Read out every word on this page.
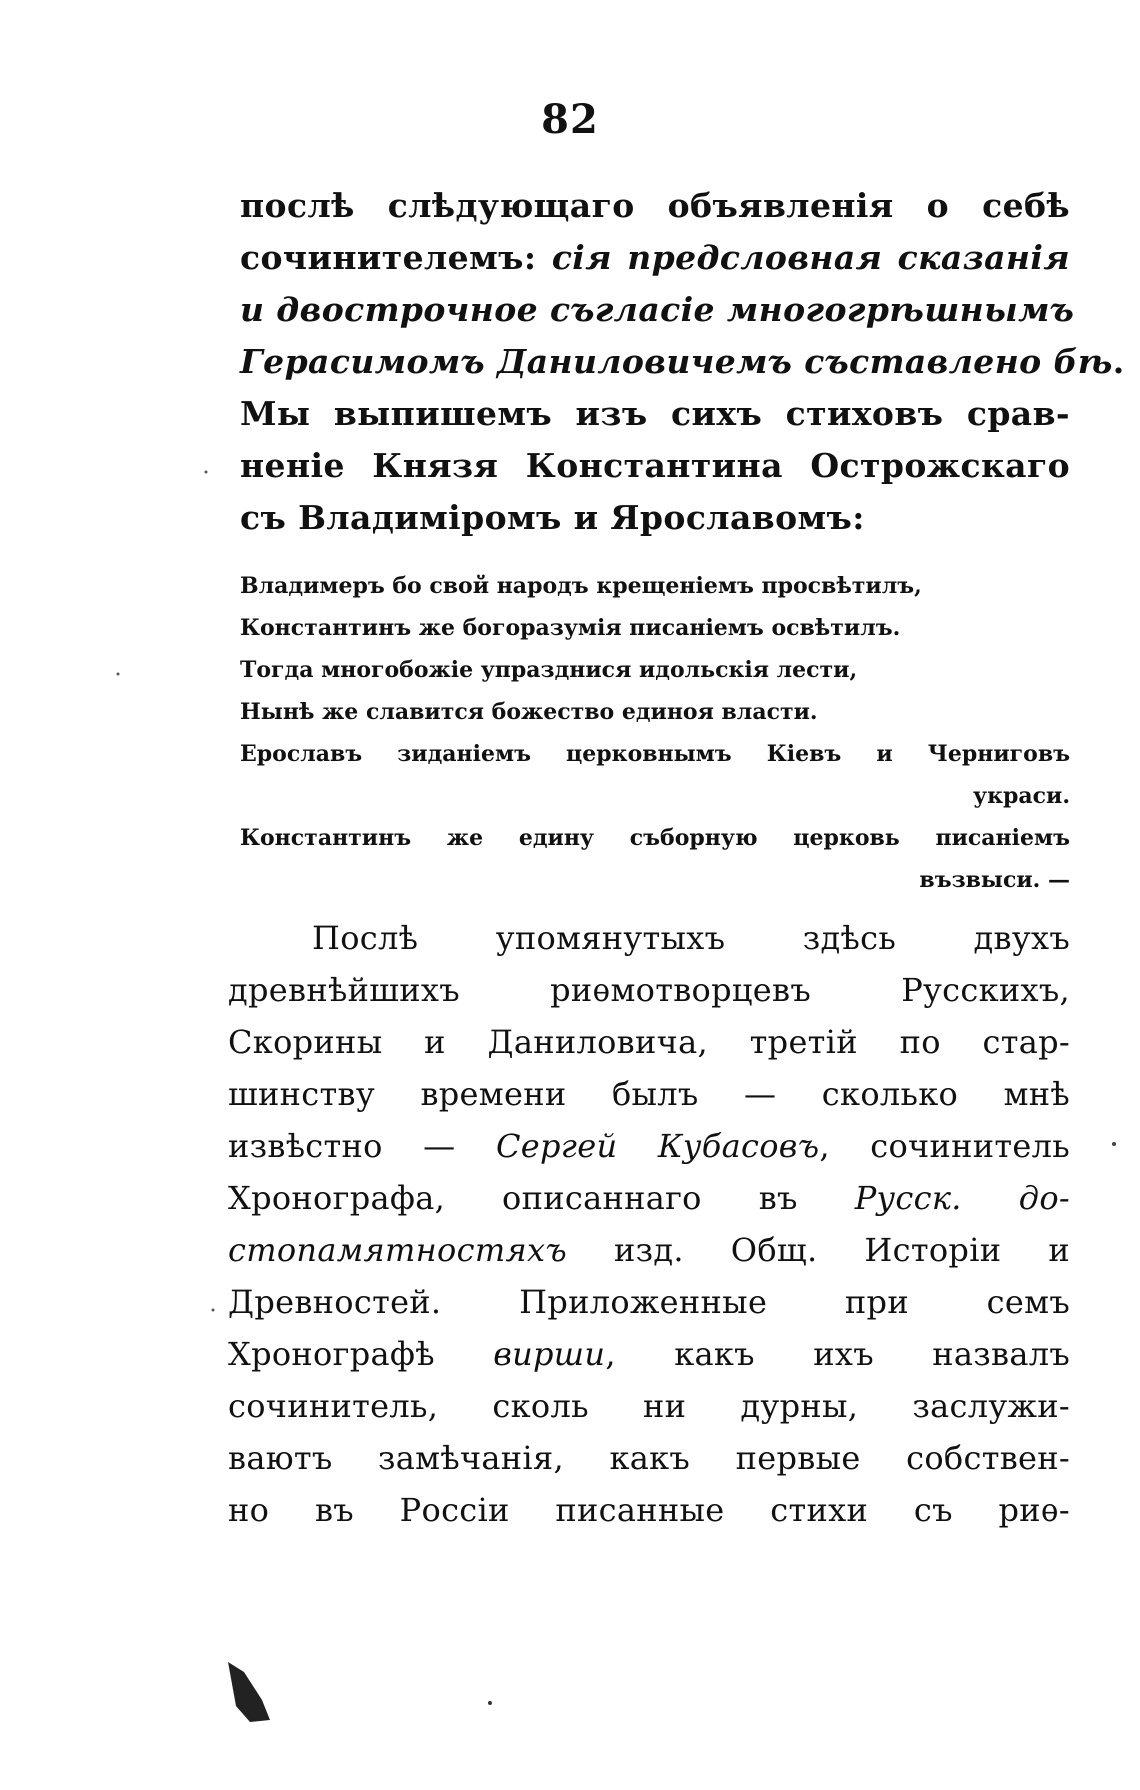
82
послѣ слѣдующаго объявленія о себѣ
сочинителемъ: сія предсловная сказанія
и двострочное съгласіе многогрѣшнымъ
Герасимомъ Даниловичемъ съставлено бѣ.
Мы выпишемъ изъ сихъ стиховъ срав-
неніе Князя Константина Острожскаго
съ Владиміромъ и Ярославомъ:
Владимеръ бо свой народъ крещеніемъ просвѣтилъ,
Константинъ же богоразумія писаніемъ освѣтилъ.
Тогда многобожіе упразднися идольскія лести,
Нынѣ же славится божество единоя власти.
Ерославъ зиданіемъ церковнымъ Кіевъ и Черниговъ
украси.
Константинъ же едину съборную церковь писаніемъ
възвыси. —
Послѣ упомянутыхъ здѣсь двухъ
древнѣйшихъ риѳмотворцевъ Русскихъ,
Скорины и Даниловича, третій по стар-
шинству времени былъ — сколько мнѣ
извѣстно — Сергей Кубасовъ, сочинитель
Хронографа, описаннаго въ Русск. до-
стопамятностяхъ изд. Общ. Исторіи и
Древностей. Приложенные при семъ
Хронографѣ вирши, какъ ихъ назвалъ
сочинитель, сколь ни дурны, заслужи-
ваютъ замѣчанія, какъ первые собствен-
но въ Россіи писанные стихи съ риѳ-
